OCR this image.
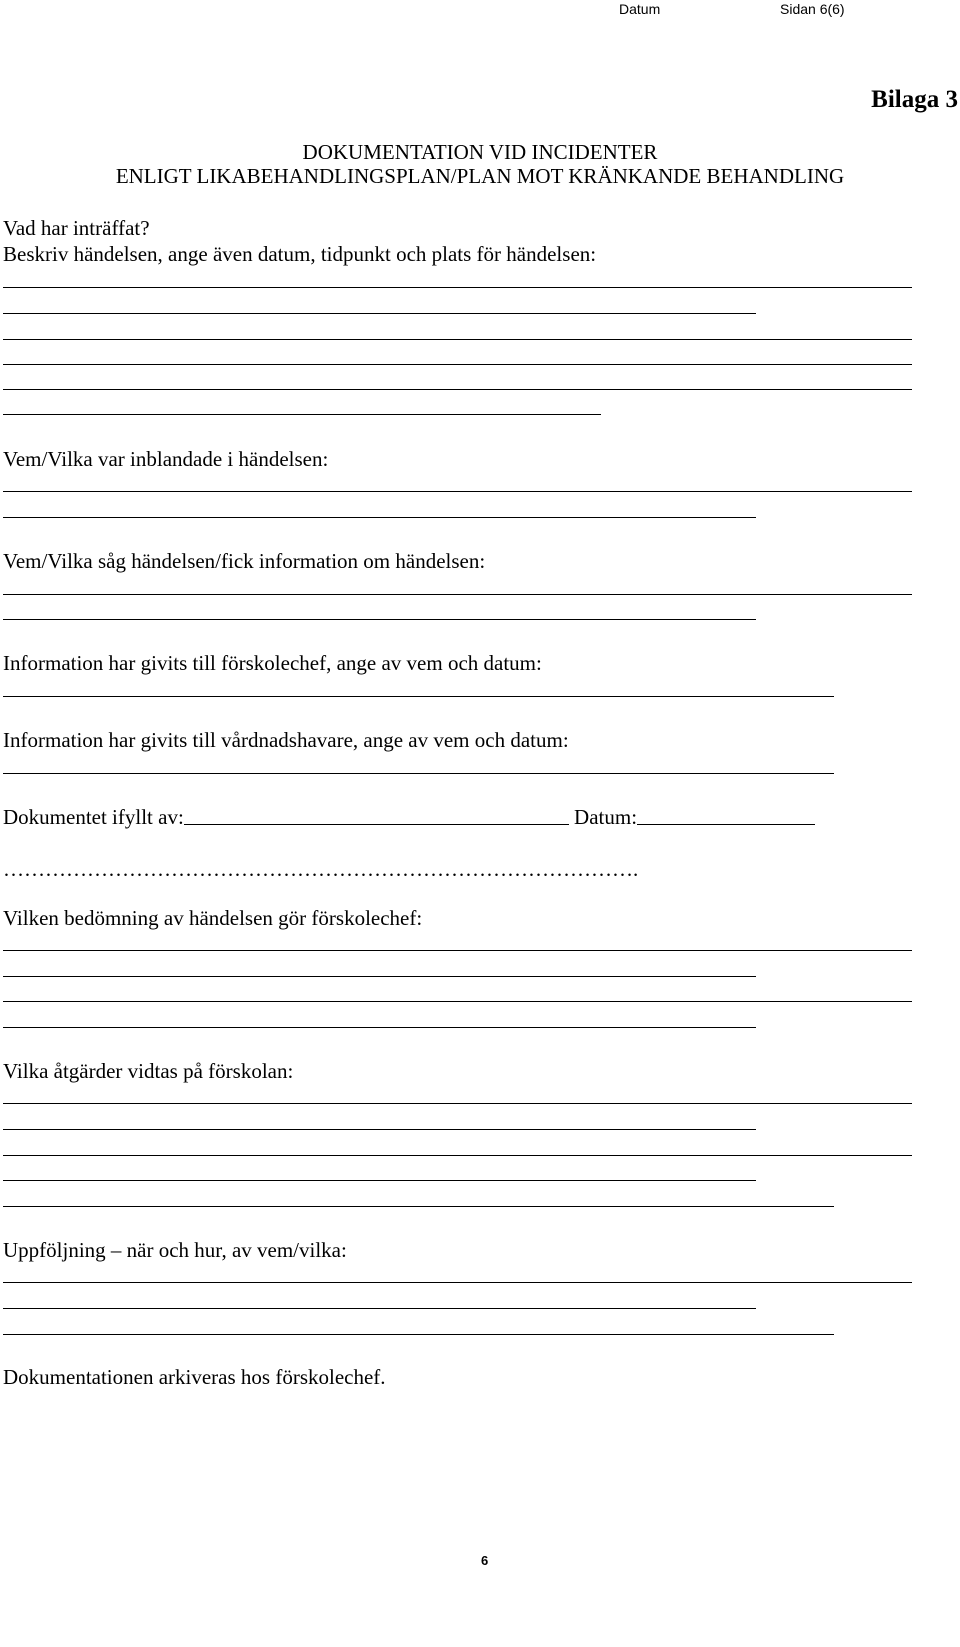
Datum	Sidan 6(6)
Bilaga 3
DOKUMENTATION VID INCIDENTER
ENLIGT LIKABEHANDLINGSPLAN/PLAN MOT KRÄNKANDE BEHANDLING
Vad har inträffat?
Beskriv händelsen, ange även datum, tidpunkt och plats för händelsen:
Vem/Vilka var inblandade i händelsen:
Vem/Vilka såg händelsen/fick information om händelsen:
Information har givits till förskolechef, ange av vem och datum:
Information har givits till vårdnadshavare, ange av vem och datum:
Dokumentet ifyllt av:	Datum:
……………………………………………………………………………….
Vilken bedömning av händelsen gör förskolechef:
Vilka åtgärder vidtas på förskolan:
Uppföljning – när och hur, av vem/vilka:
Dokumentationen arkiveras hos förskolechef.
6
